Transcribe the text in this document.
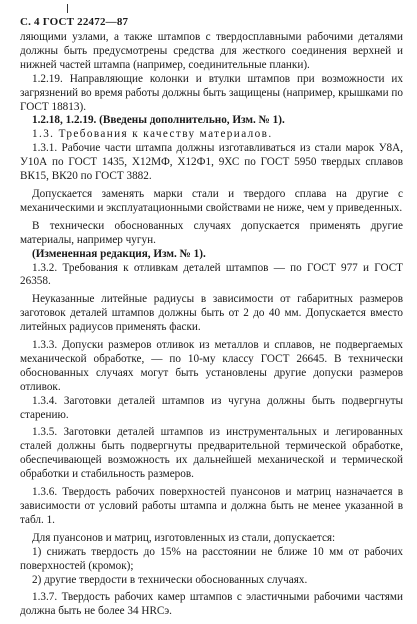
С. 4 ГОСТ 22472—87

ляющими узлами, а также штампов с твердосплавными рабочими деталями должны быть предусмотрены средства для жесткого соединения верхней и нижней частей штампа (например, соединительные планки).

1.2.19. Направляющие колонки и втулки штампов при возможности их загрязнений во время работы должны быть защищены (например, крышками по ГОСТ 18813).

1.2.18, 1.2.19. (Введены дополнительно, Изм. № 1).

1.3. Требования к качеству материалов.

1.3.1. Рабочие части штампа должны изготавливаться из стали марок У8А, У10А по ГОСТ 1435, Х12МФ, Х12Ф1, 9ХС по ГОСТ 5950 твердых сплавов ВК15, ВК20 по ГОСТ 3882.

Допускается заменять марки стали и твердого сплава на другие с механическими и эксплуатационными свойствами не ниже, чем у приведенных.

В технически обоснованных случаях допускается применять другие материалы, например чугун.

(Измененная редакция, Изм. № 1).

1.3.2. Требования к отливкам деталей штампов — по ГОСТ 977 и ГОСТ 26358.

Неуказанные литейные радиусы в зависимости от габаритных размеров заготовок деталей штампов должны быть от 2 до 40 мм. Допускается вместо литейных радиусов применять фаски.

1.3.3. Допуски размеров отливок из металлов и сплавов, не подвергаемых механической обработке, — по 10-му классу ГОСТ 26645. В технически обоснованных случаях могут быть установлены другие допуски размеров отливок.

1.3.4. Заготовки деталей штампов из чугуна должны быть подвергнуты старению.

1.3.5. Заготовки деталей штампов из инструментальных и легированных сталей должны быть подвергнуты предварительной термической обработке, обеспечивающей возможность их дальнейшей механической и термической обработки и стабильность размеров.

1.3.6. Твердость рабочих поверхностей пуансонов и матриц назначается в зависимости от условий работы штампа и должна быть не менее указанной в табл. 1.

Для пуансонов и матриц, изготовленных из стали, допускается:

1) снижать твердость до 15% на расстоянии не ближе 10 мм от рабочих поверхностей (кромок);

2) другие твердости в технически обоснованных случаях.

1.3.7. Твердость рабочих камер штампов с эластичными рабочими частями должна быть не более 34 HRCэ.
